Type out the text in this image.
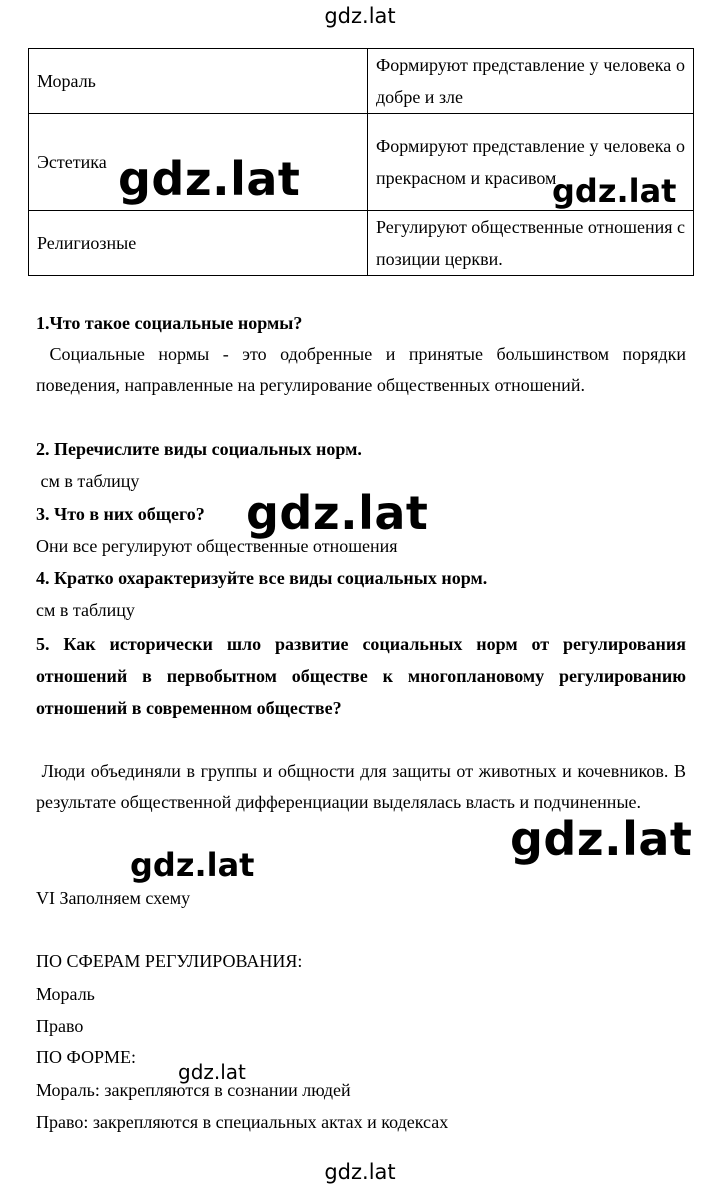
gdz.lat
Мораль	Формируют представление у человека о добре и зле
Эстетика	Формируют представление у человека о прекрасном и красивом
Религиозные	Регулируют общественные отношения с позиции церкви.
gdz.lat	gdz.lat
1.Что такое социальные нормы?
Социальные нормы - это одобренные и принятые большинством порядки поведения, направленные на регулирование общественных отношений.
2. Перечислите виды социальных норм.
см в таблицу
3. Что в них общего?
Они все регулируют общественные отношения
gdz.lat
4. Кратко охарактеризуйте все виды социальных норм.
см в таблицу
5. Как исторически шло развитие социальных норм от регулирования отношений в первобытном обществе к многоплановому регулированию отношений в современном обществе?
Люди объединяли в группы и общности для защиты от животных и кочевников. В результате общественной дифференциации выделялась власть и подчиненные.
gdz.lat
gdz.lat
VI Заполняем схему
ПО СФЕРАМ РЕГУЛИРОВАНИЯ:
Мораль
Право
ПО ФОРМЕ:
Мораль: закрепляются в сознании людей
Право: закрепляются в специальных актах и кодексах
gdz.lat
gdz.lat
